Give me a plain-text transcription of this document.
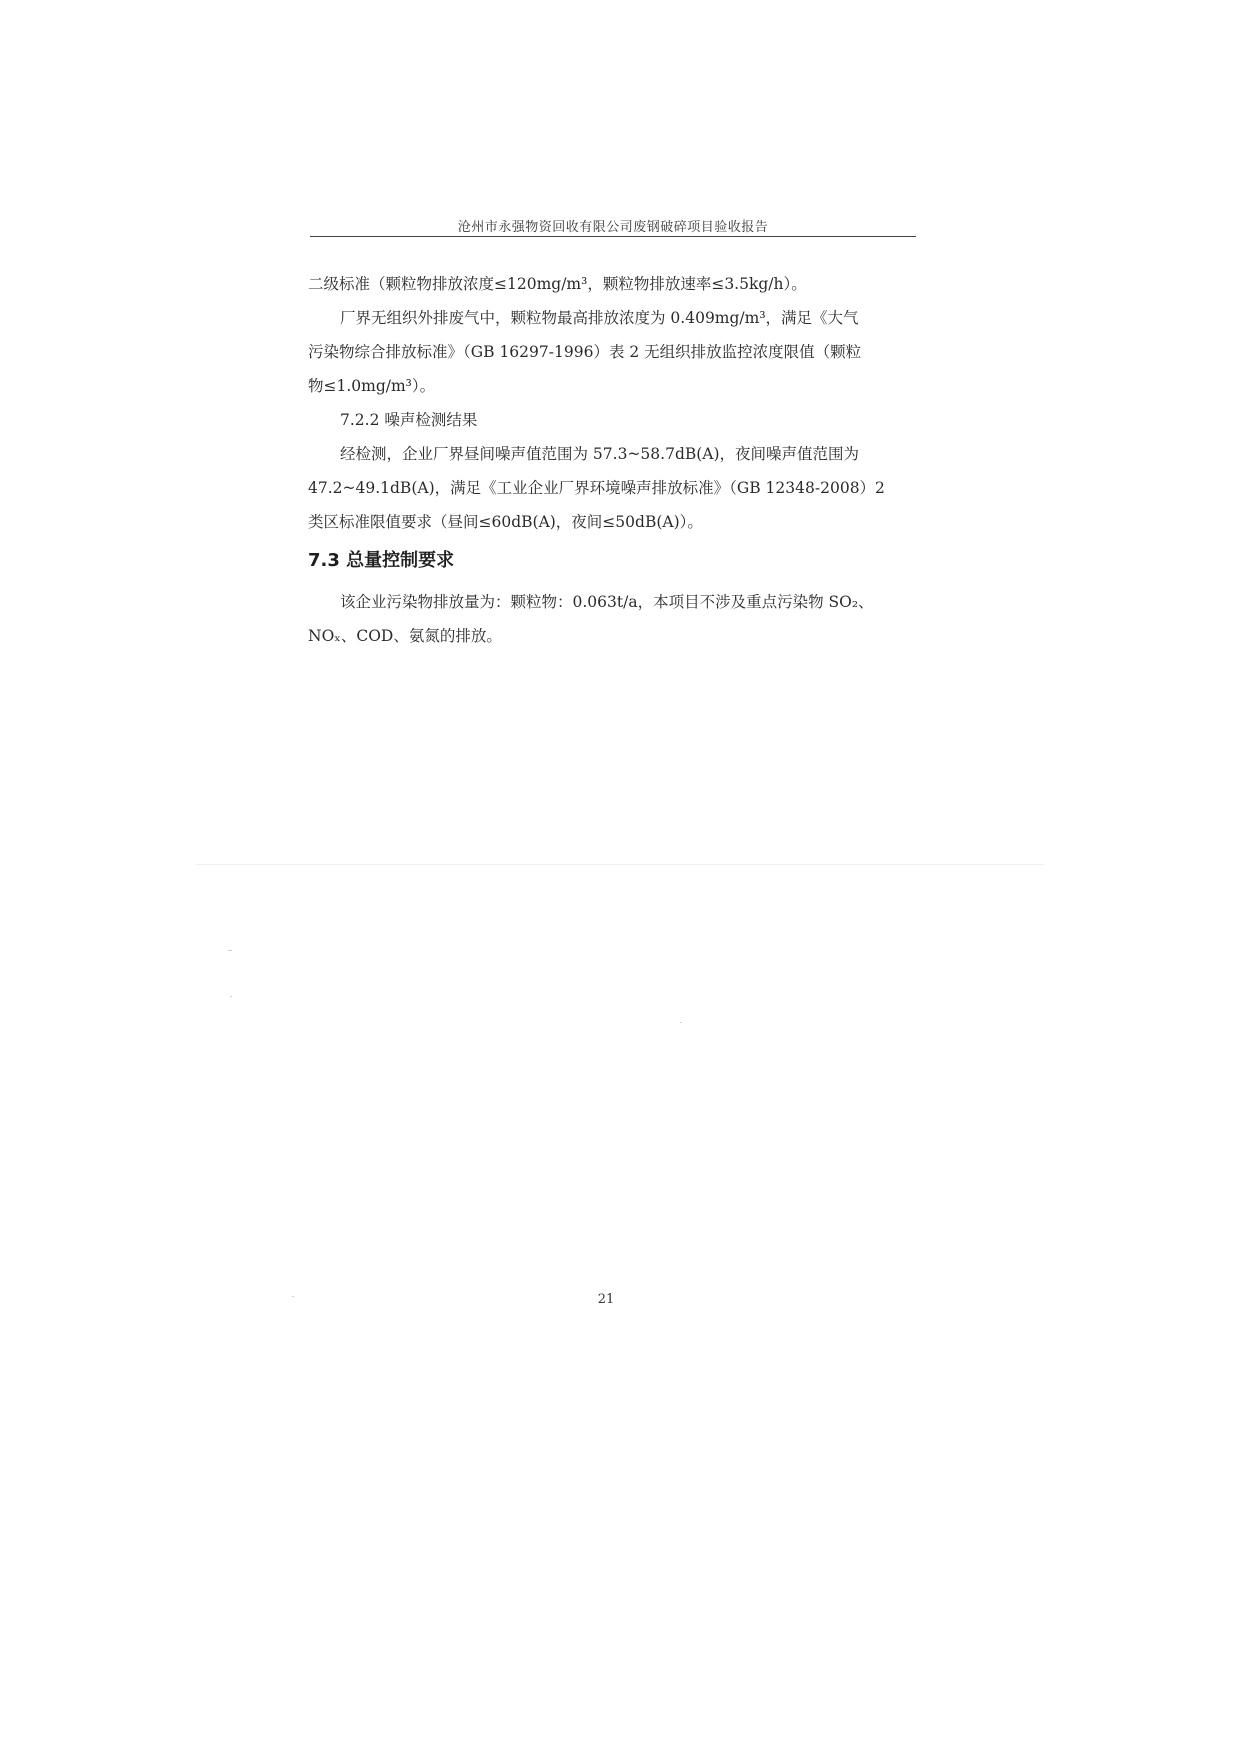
沧州市永强物资回收有限公司废钢破碎项目验收报告
二级标准（颗粒物排放浓度≤120mg/m³，颗粒物排放速率≤3.5kg/h）。
厂界无组织外排废气中，颗粒物最高排放浓度为 0.409mg/m³，满足《大气
污染物综合排放标准》（GB 16297-1996）表 2 无组织排放监控浓度限值（颗粒
物≤1.0mg/m³）。
7.2.2 噪声检测结果
经检测，企业厂界昼间噪声值范围为 57.3~58.7dB(A)，夜间噪声值范围为
47.2~49.1dB(A)，满足《工业企业厂界环境噪声排放标准》（GB 12348-2008）2
类区标准限值要求（昼间≤60dB(A)，夜间≤50dB(A)）。
7.3 总量控制要求
该企业污染物排放量为：颗粒物：0.063t/a，本项目不涉及重点污染物 SO₂、
NOₓ、COD、氨氮的排放。
21
